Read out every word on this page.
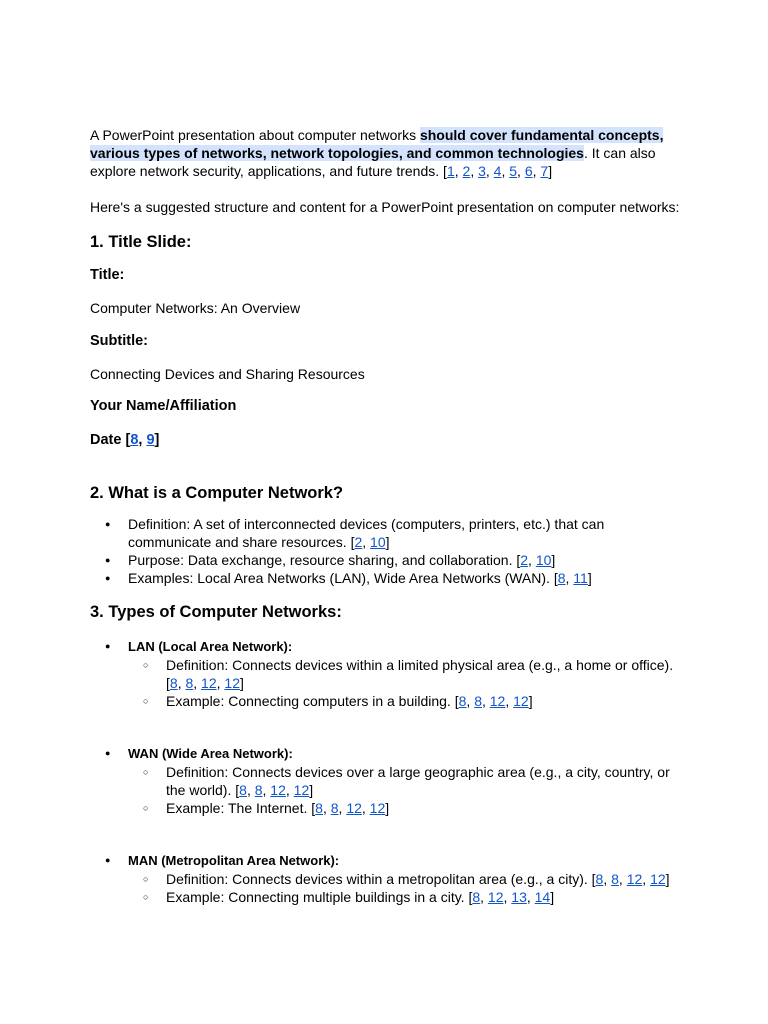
A PowerPoint presentation about computer networks should cover fundamental concepts, various types of networks, network topologies, and common technologies. It can also explore network security, applications, and future trends. [1, 2, 3, 4, 5, 6, 7]

Here's a suggested structure and content for a PowerPoint presentation on computer networks:

1. Title Slide:

Title:

Computer Networks: An Overview

Subtitle:

Connecting Devices and Sharing Resources

Your Name/Affiliation

Date [8, 9]

2. What is a Computer Network?

● Definition: A set of interconnected devices (computers, printers, etc.) that can communicate and share resources. [2, 10]
● Purpose: Data exchange, resource sharing, and collaboration. [2, 10]
● Examples: Local Area Networks (LAN), Wide Area Networks (WAN). [8, 11]

3. Types of Computer Networks:

● LAN (Local Area Network):
○ Definition: Connects devices within a limited physical area (e.g., a home or office). [8, 8, 12, 12]
○ Example: Connecting computers in a building. [8, 8, 12, 12]
● WAN (Wide Area Network):
○ Definition: Connects devices over a large geographic area (e.g., a city, country, or the world). [8, 8, 12, 12]
○ Example: The Internet. [8, 8, 12, 12]
● MAN (Metropolitan Area Network):
○ Definition: Connects devices within a metropolitan area (e.g., a city). [8, 8, 12, 12]
○ Example: Connecting multiple buildings in a city. [8, 12, 13, 14]
